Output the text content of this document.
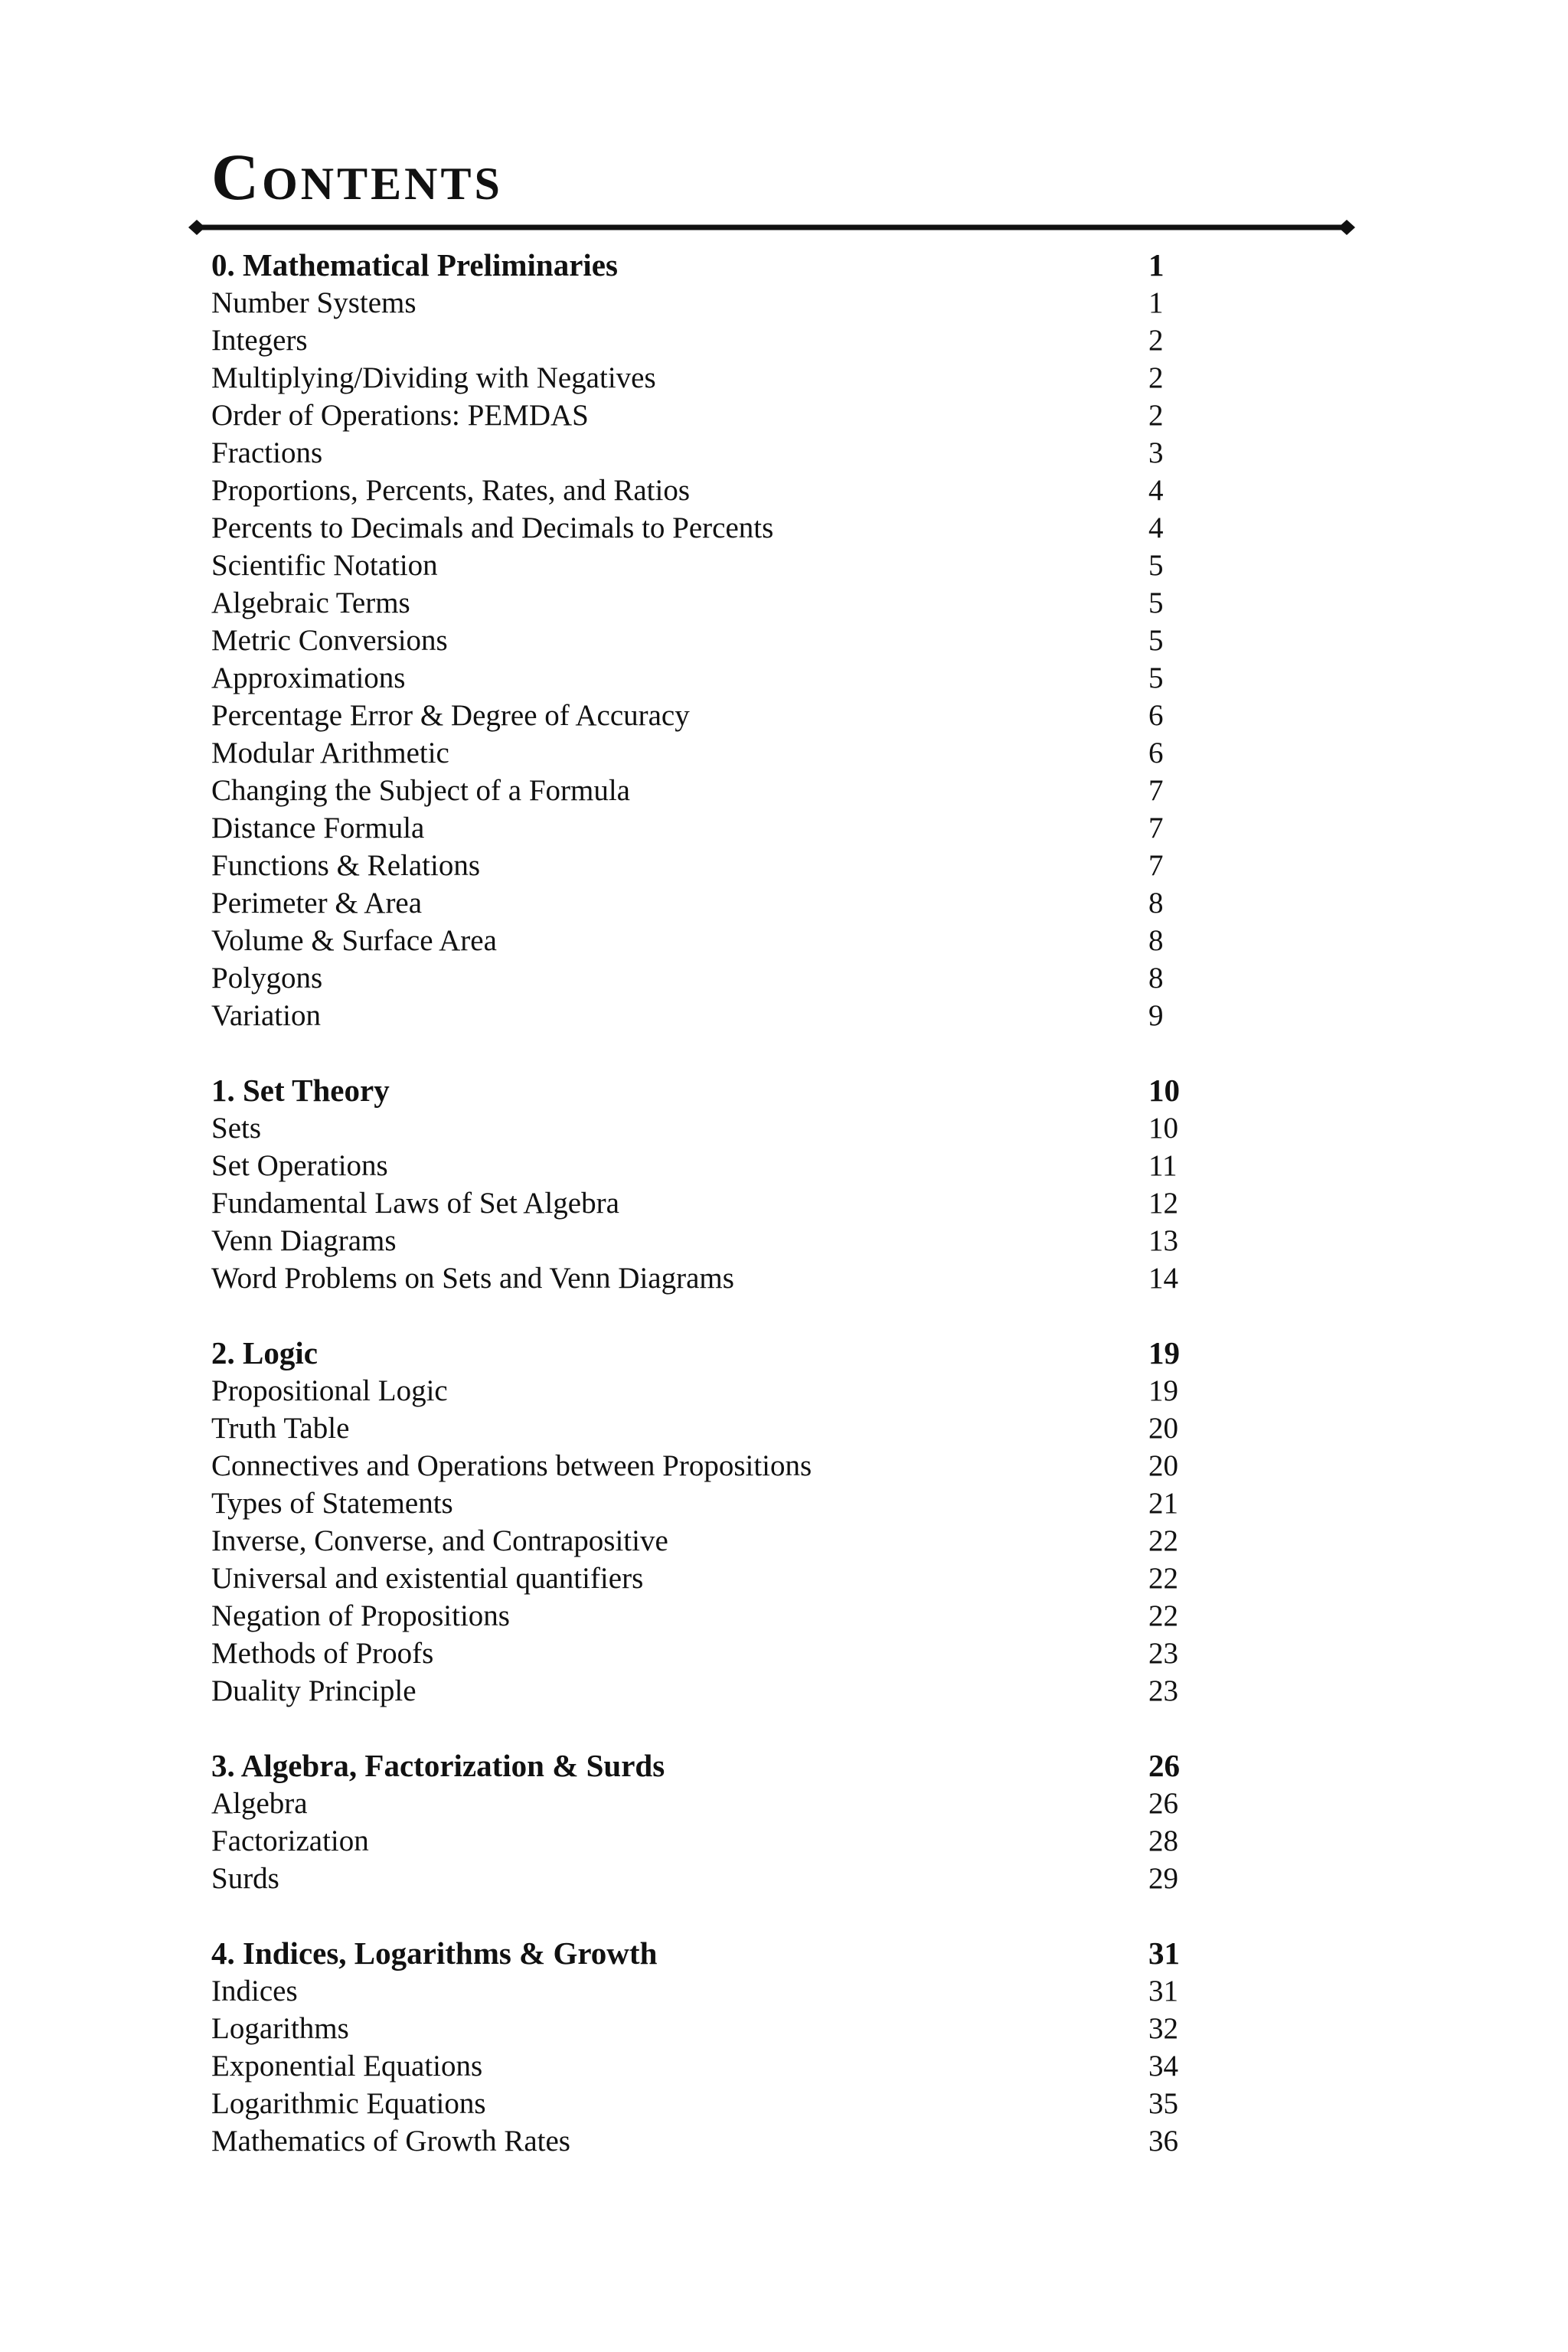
Contents
0. Mathematical Preliminaries	1
Number Systems	1
Integers	2
Multiplying/Dividing with Negatives	2
Order of Operations: PEMDAS	2
Fractions	3
Proportions, Percents, Rates, and Ratios	4
Percents to Decimals and Decimals to Percents	4
Scientific Notation	5
Algebraic Terms	5
Metric Conversions	5
Approximations	5
Percentage Error & Degree of Accuracy	6
Modular Arithmetic	6
Changing the Subject of a Formula	7
Distance Formula	7
Functions & Relations	7
Perimeter & Area	8
Volume & Surface Area	8
Polygons	8
Variation	9
1. Set Theory	10
Sets	10
Set Operations	11
Fundamental Laws of Set Algebra	12
Venn Diagrams	13
Word Problems on Sets and Venn Diagrams	14
2. Logic	19
Propositional Logic	19
Truth Table	20
Connectives and Operations between Propositions	20
Types of Statements	21
Inverse, Converse, and Contrapositive	22
Universal and existential quantifiers	22
Negation of Propositions	22
Methods of Proofs	23
Duality Principle	23
3. Algebra, Factorization & Surds	26
Algebra	26
Factorization	28
Surds	29
4. Indices, Logarithms & Growth	31
Indices	31
Logarithms	32
Exponential Equations	34
Logarithmic Equations	35
Mathematics of Growth Rates	36
